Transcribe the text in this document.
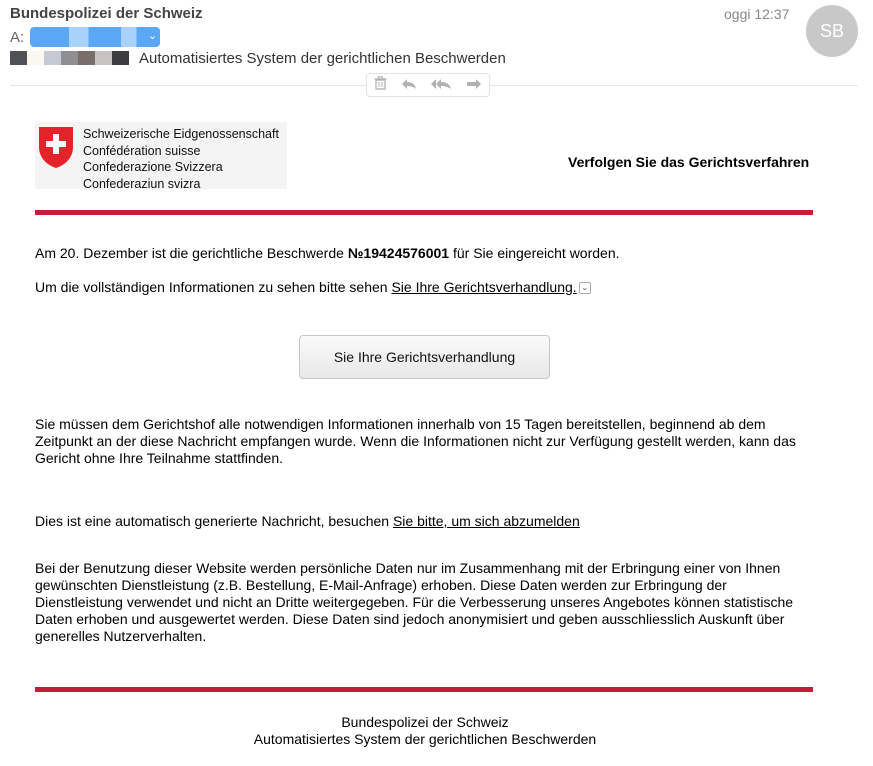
Bundespolizei der Schweiz
A:	⌄
Automatisiertes System der gerichtlichen Beschwerden
oggi 12:37
SB
Schweizerische Eidgenossenschaft
Confédération suisse
Confederazione Svizzera
Confederaziun svizra
Verfolgen Sie das Gerichtsverfahren
Am 20. Dezember ist die gerichtliche Beschwerde №19424576001 für Sie eingereicht worden.
Um die vollständigen Informationen zu sehen bitte sehen Sie Ihre Gerichtsverhandlung. ⌄
Sie Ihre Gerichtsverhandlung
Sie müssen dem Gerichtshof alle notwendigen Informationen innerhalb von 15 Tagen bereitstellen, beginnend ab dem Zeitpunkt an der diese Nachricht empfangen wurde. Wenn die Informationen nicht zur Verfügung gestellt werden, kann das Gericht ohne Ihre Teilnahme stattfinden.
Dies ist eine automatisch generierte Nachricht, besuchen Sie bitte, um sich abzumelden
Bei der Benutzung dieser Website werden persönliche Daten nur im Zusammenhang mit der Erbringung einer von Ihnen gewünschten Dienstleistung (z.B. Bestellung, E-Mail-Anfrage) erhoben. Diese Daten werden zur Erbringung der Dienstleistung verwendet und nicht an Dritte weitergegeben. Für die Verbesserung unseres Angebotes können statistische Daten erhoben und ausgewertet werden. Diese Daten sind jedoch anonymisiert und geben ausschliesslich Auskunft über generelles Nutzerverhalten.
Bundespolizei der Schweiz
Automatisiertes System der gerichtlichen Beschwerden
